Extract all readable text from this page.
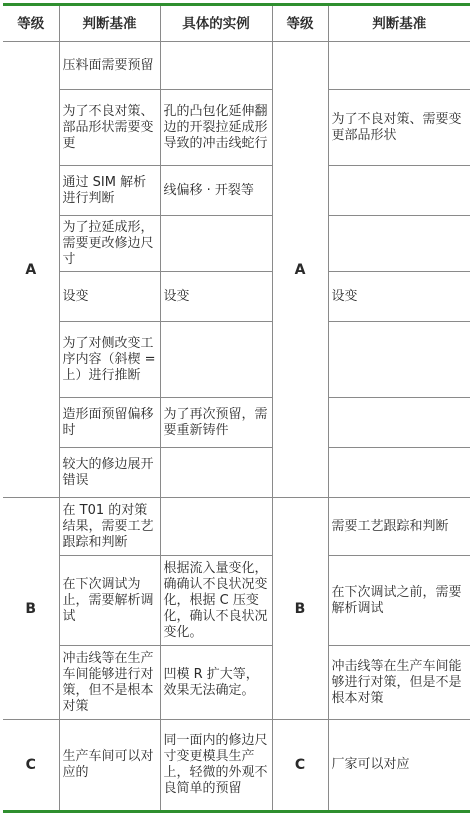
等级	判断基准	具体的实例	等级	判断基准
A	压料面需要预留		A	
	为了不良对策、部品形状需要变更	孔的凸包化延伸翻边的开裂拉延成形导致的冲击线蛇行		为了不良对策、需要变更部品形状
	通过 SIM 解析进行判断	线偏移 · 开裂等		
	为了拉延成形，需要更改修边尺寸			
	设变	设变		设变
	为了对侧改变工序内容（斜楔 = 上）进行推断			
	造形面预留偏移时	为了再次预留，需要重新铸件		
	较大的修边展开错误			
B	在 T01 的对策结果，需要工艺跟踪和判断		B	需要工艺跟踪和判断
	在下次调试为止，需要解析调试	根据流入量变化，确确认不良状况变化，根据 C 压变化，确认不良状况变化。		在下次调试之前，需要解析调试
	冲击线等在生产车间能够进行对策，但不是根本对策	凹模 R 扩大等，效果无法确定。		冲击线等在生产车间能够进行对策，但是不是根本对策
C	生产车间可以对应的	同一面内的修边尺寸变更模具生产上，轻微的外观不良简单的预留	C	厂家可以对应
